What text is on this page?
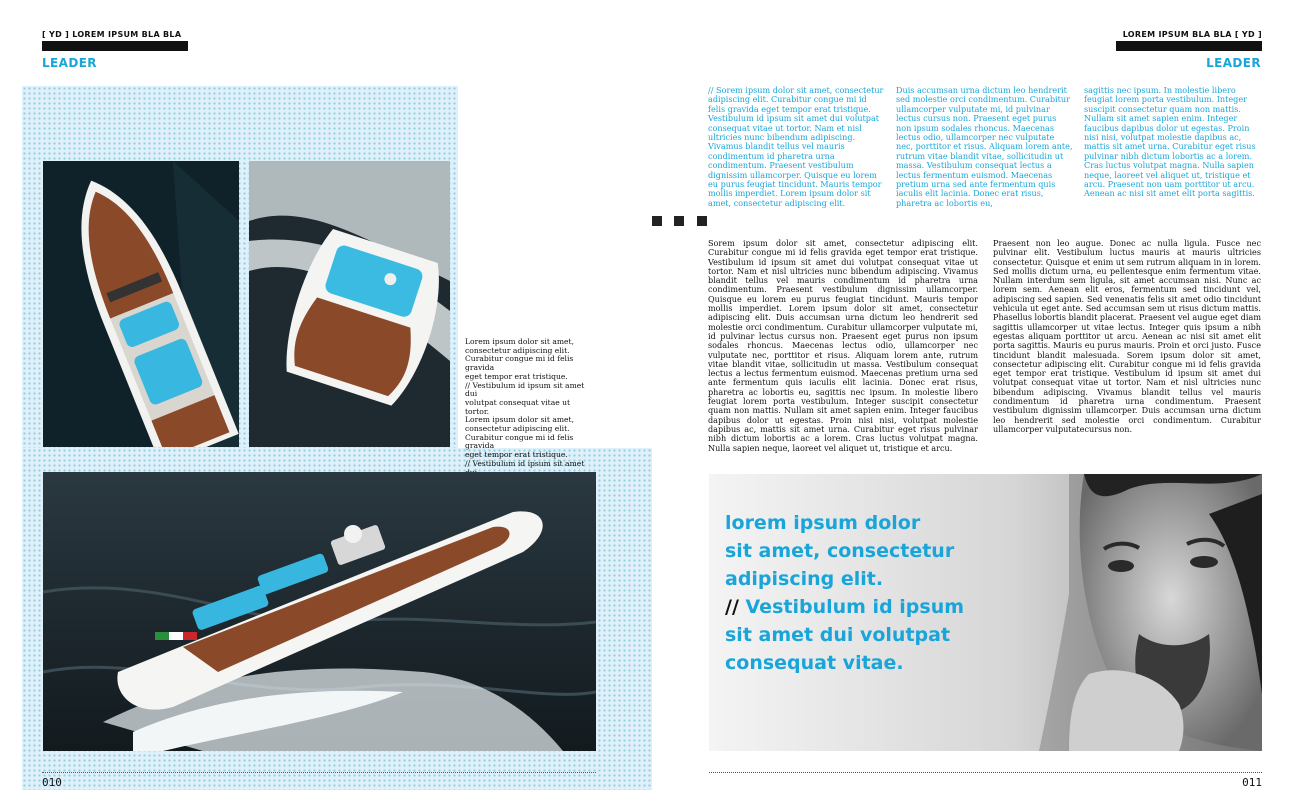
[ YD ] LOREM IPSUM BLA BLA
LEADER
Lorem ipsum dolor sit amet,
consectetur adipiscing elit.
Curabitur congue mi id felis gravida
eget tempor erat tristique.
// Vestibulum id ipsum sit amet dui
volutpat consequat vitae ut tortor.
Lorem ipsum dolor sit amet,
consectetur adipiscing elit.
Curabitur congue mi id felis gravida
eget tempor erat tristique.
// Vestibulum id ipsum sit amet
010
LOREM IPSUM BLA BLA [ YD ]
LEADER

// Sorem ipsum dolor sit amet, consectetur adipiscing elit. Curabitur congue mi id felis gravida eget tempor erat tristique. Vestibulum id ipsum sit amet dui volutpat consequat vitae ut tortor. Nam et nisl ultricies nunc bibendum adipiscing. Vivamus blandit tellus vel mauris condimentum id pharetra urna condimentum. Praesent vestibulum dignissim ullamcorper. Quisque eu lorem eu purus feugiat tincidunt. Mauris tempor mollis imperdiet. Lorem ipsum dolor sit amet, consectetur adipiscing elit.

Duis accumsan urna dictum leo hendrerit sed molestie orci condimentum. Curabitur ullamcorper vulputate mi, id pulvinar lectus cursus non. Praesent eget purus non ipsum sodales rhoncus. Maecenas lectus odio, ullamcorper nec vulputate nec, porttitor et risus. Aliquam lorem ante, rutrum vitae blandit vitae, sollicitudin ut massa. Vestibulum consequat lectus a lectus fermentum euismod. Maecenas pretium urna sed ante fermentum quis iaculis elit lacinia. Donec erat risus, pharetra ac lobortis eu,

sagittis nec ipsum. In molestie libero feugiat lorem porta vestibulum. Integer suscipit consectetur quam non mattis. Nullam sit amet sapien enim. Integer faucibus dapibus dolor ut egestas. Proin nisi nisi, volutpat molestie dapibus ac, mattis sit amet urna. Curabitur eget risus pulvinar nibh dictum lobortis ac a lorem. Cras luctus volutpat magna. Nulla sapien neque, laoreet vel aliquet ut, tristique et arcu. Praesent non uam porttitor ut arcu. Aenean ac nisi sit amet elit porta sagittis.

Sorem ipsum dolor sit amet, consectetur adipiscing elit. Curabitur congue mi id felis gravida eget tempor erat tristique. Vestibulum id ipsum sit amet dui volutpat consequat vitae ut tortor. Nam et nisl ultricies nunc bibendum adipiscing. Vivamus blandit tellus vel mauris condimentum id pharetra urna condimentum. Praesent vestibulum dignissim ullamcorper. Quisque eu lorem eu purus feugiat tincidunt. Mauris tempor mollis imperdiet. Lorem ipsum dolor sit amet, consectetur adipiscing elit. Duis accumsan urna dictum leo hendrerit sed molestie orci condimentum. Curabitur ullamcorper vulputate mi, id pulvinar lectus cursus non. Praesent eget purus non ipsum sodales rhoncus. Maecenas lectus odio, ullamcorper nec vulputate nec, porttitor et risus. Aliquam lorem ante, rutrum vitae blandit vitae, sollicitudin ut massa. Vestibulum consequat lectus a lectus fermentum euismod. Maecenas pretium urna sed ante fermentum quis iaculis elit lacinia. Donec erat risus, pharetra ac lobortis eu, sagittis nec ipsum. In molestie libero feugiat lorem porta vestibulum. Integer suscipit consectetur quam non mattis. Nullam sit amet sapien enim. Integer faucibus dapibus dolor ut egestas. Proin nisi nisi, volutpat molestie dapibus ac, mattis sit amet urna. Curabitur eget risus pulvinar nibh dictum lobortis ac a lorem. Cras luctus volutpat magna. Nulla sapien neque, laoreet vel aliquet ut, tristique et arcu.

Praesent non leo augue. Donec ac nulla ligula. Fusce nec pulvinar elit. Vestibulum luctus mauris at mauris ultricies consectetur. Quisque et enim ut sem rutrum aliquam in in lorem. Sed mollis dictum urna, eu pellentesque enim fermentum vitae. Nullam interdum sem ligula, sit amet accumsan nisi. Nunc ac lorem sem. Aenean elit eros, fermentum sed tincidunt vel, adipiscing sed sapien. Sed venenatis felis sit amet odio tincidunt vehicula ut eget ante. Sed accumsan sem ut risus dictum mattis. Phasellus lobortis blandit placerat. Praesent vel augue eget diam sagittis ullamcorper ut vitae lectus. Integer quis ipsum a nibh egestas aliquam porttitor ut arcu. Aenean ac nisi sit amet elit porta sagittis. Mauris eu purus mauris. Proin et orci justo. Fusce tincidunt blandit malesuada. Sorem ipsum dolor sit amet, consectetur adipiscing elit. Curabitur congue mi id felis gravida eget tempor erat tristique. Vestibulum id ipsum sit amet dui volutpat consequat vitae ut tortor. Nam et nisl ultricies nunc bibendum adipiscing. Vivamus blandit tellus vel mauris condimentum id pharetra urna condimentum. Praesent vestibulum dignissim ullamcorper. Duis accumsan urna dictum leo hendrerit sed molestie orci condimentum. Curabitur ullamcorper vulputatecursus non.

lorem ipsum dolor
sit amet, consectetur
adipiscing elit.
// Vestibulum id ipsum
sit amet dui volutpat
consequat vitae.
011
